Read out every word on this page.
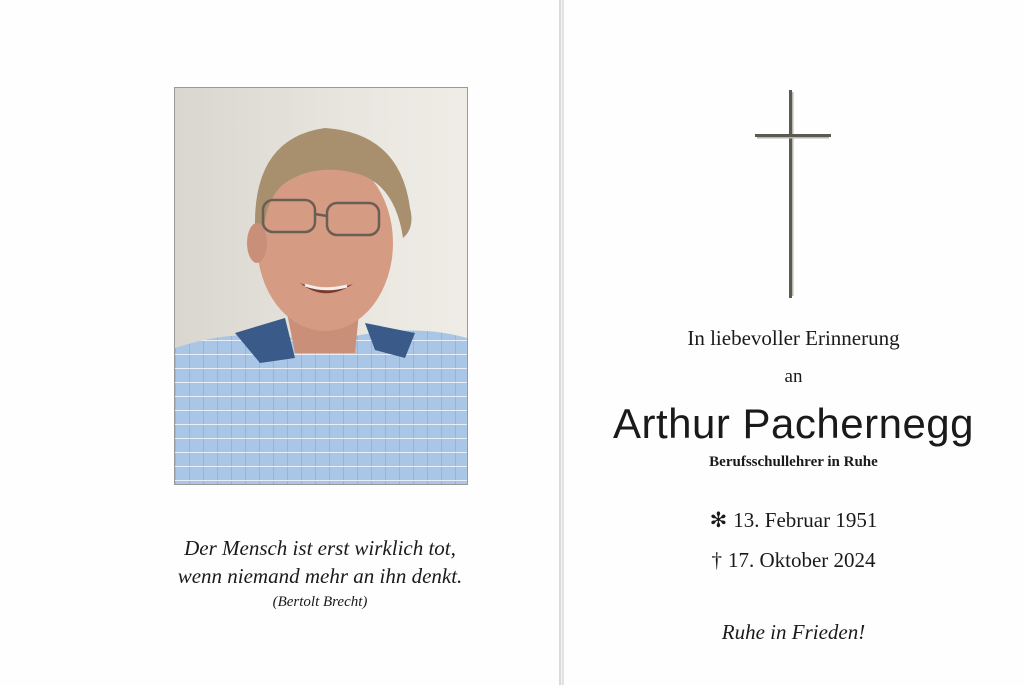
Der Mensch ist erst wirklich tot,
wenn niemand mehr an ihn denkt.
(Bertolt Brecht)
In liebevoller Erinnerung
an
Arthur Pachernegg
Berufsschullehrer in Ruhe
✻ 13. Februar 1951
† 17. Oktober 2024
Ruhe in Frieden!
